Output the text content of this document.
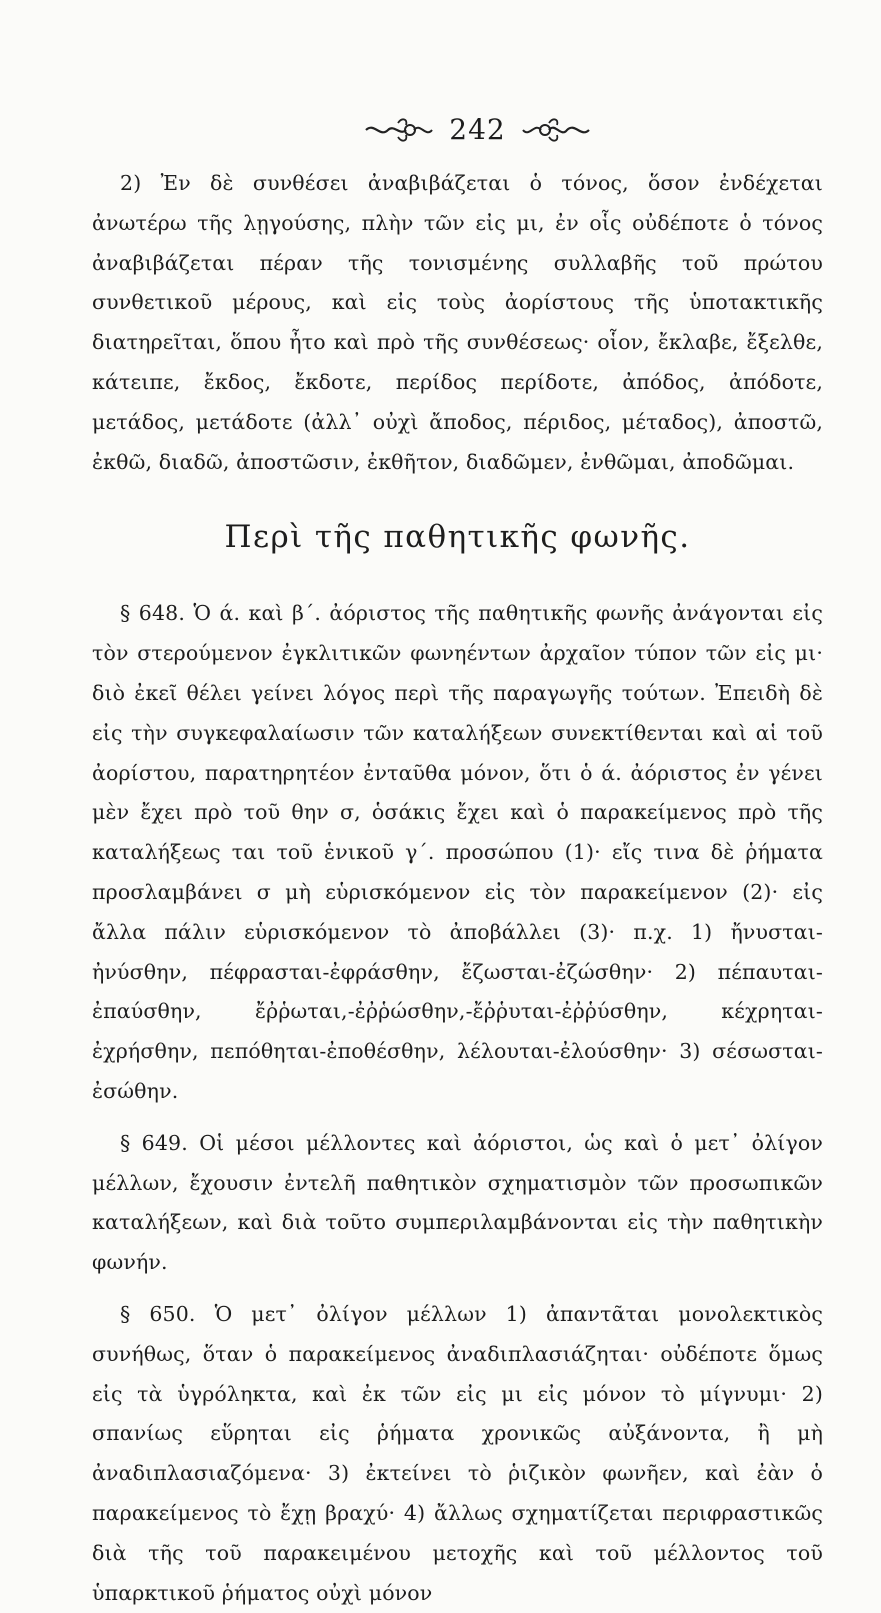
242

2) Ἐν δὲ συνθέσει ἀναβιβάζεται ὁ τόνος, ὅσον ἐνδέχεται ἀνωτέρω τῆς λῃγούσης, πλὴν τῶν εἰς μι, ἐν οἷς οὐδέποτε ὁ τόνος ἀναβιβάζεται πέραν τῆς τονισμένης συλλαβῆς τοῦ πρώτου συνθετικοῦ μέρους, καὶ εἰς τοὺς ἀορίστους τῆς ὑποτακτικῆς διατηρεῖται, ὅπου ἦτο καὶ πρὸ τῆς συνθέσεως· οἷον, ἔκλαβε, ἔξελθε, κάτειπε, ἔκδος, ἔκδοτε, περίδος περίδοτε, ἀπόδος, ἀπόδοτε, μετάδος, μετάδοτε (ἀλλ᾽ οὐχὶ ἄποδος, πέριδος, μέταδος), ἀποστῶ, ἐκθῶ, διαδῶ, ἀποστῶσιν, ἐκθῆτον, διαδῶμεν, ἐνθῶμαι, ἀποδῶμαι.

Περὶ τῆς παθητικῆς φωνῆς.

§ 648. Ὁ ά. καὶ β΄. ἀόριστος τῆς παθητικῆς φωνῆς ἀνάγονται εἰς τὸν στερούμενον ἐγκλιτικῶν φωνηέντων ἀρχαῖον τύπον τῶν εἰς μι· διὸ ἐκεῖ θέλει γείνει λόγος περὶ τῆς παραγωγῆς τούτων. Ἐπειδὴ δὲ εἰς τὴν συγκεφαλαίωσιν τῶν καταλήξεων συνεκτίθενται καὶ αἱ τοῦ ἀορίστου, παρατηρητέον ἐνταῦθα μόνον, ὅτι ὁ ά. ἀόριστος ἐν γένει μὲν ἔχει πρὸ τοῦ θην σ, ὁσάκις ἔχει καὶ ὁ παρακείμενος πρὸ τῆς καταλήξεως ται τοῦ ἑνικοῦ γ΄. προσώπου (1)· εἴς τινα δὲ ῥήματα προσλαμβάνει σ μὴ εὑρισκόμενον εἰς τὸν παρακείμενον (2)· εἰς ἄλλα πάλιν εὑρισκόμενον τὸ ἀποβάλλει (3)· π.χ. 1) ἤνυσται-ἠνύσθην, πέφρασται-ἐφράσθην, ἔζωσται-ἐζώσθην· 2) πέπαυται-ἐπαύσθην, ἔῤῥωται,-ἐῤῥώσθην,-ἔῤῥυται-ἐῤῥύσθην, κέχρηται-ἐχρήσθην, πεπόθηται-ἐποθέσθην, λέλουται-ἐλούσθην· 3) σέσωσται-ἐσώθην.

§ 649. Οἱ μέσοι μέλλοντες καὶ ἀόριστοι, ὡς καὶ ὁ μετ᾽ ὀλίγον μέλλων, ἔχουσιν ἐντελῆ παθητικὸν σχηματισμὸν τῶν προσωπικῶν καταλήξεων, καὶ διὰ τοῦτο συμπεριλαμβάνονται εἰς τὴν παθητικὴν φωνήν.

§ 650. Ὁ μετ᾽ ὀλίγον μέλλων 1) ἀπαντᾶται μονολεκτικὸς συνήθως, ὅταν ὁ παρακείμενος ἀναδιπλασιάζηται· οὐδέποτε ὅμως εἰς τὰ ὑγρόληκτα, καὶ ἐκ τῶν εἰς μι εἰς μόνον τὸ μίγνυμι· 2) σπανίως εὕρηται εἰς ῥήματα χρονικῶς αὐξάνοντα, ἢ μὴ ἀναδιπλασιαζόμενα· 3) ἐκτείνει τὸ ῥιζικὸν φωνῆεν, καὶ ἐὰν ὁ παρακείμενος τὸ ἔχῃ βραχύ· 4) ἄλλως σχηματίζεται περιφραστικῶς διὰ τῆς τοῦ παρακειμένου μετοχῆς καὶ τοῦ μέλλοντος τοῦ ὑπαρκτικοῦ ῥήματος οὐχὶ μόνον
